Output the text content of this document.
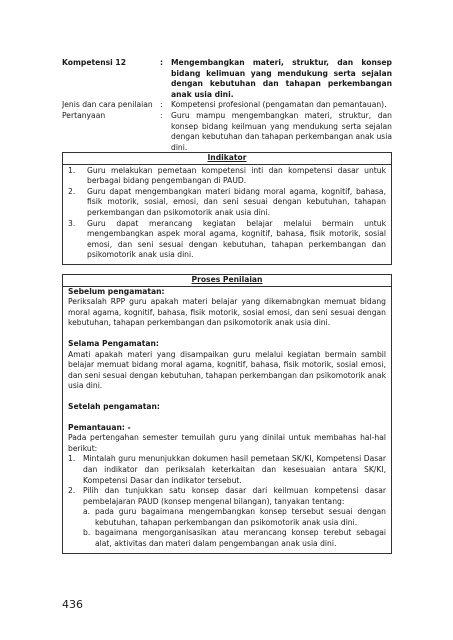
Kompetensi 12	:	Mengembangkan materi, struktur, dan konsep bidang kelimuan yang mendukung serta sejalan dengan kebutuhan dan tahapan perkembangan anak usia dini.
Jenis dan cara penilaian :	Kompetensi profesional (pengamatan dan pemantauan).
Pertanyaan	:	Guru mampu mengembangkan materi, struktur, dan konsep bidang keilmuan yang mendukung serta sejalan dengan kebutuhan dan tahapan perkembangan anak usia dini.
Indikator
1.	Guru melakukan pemetaan kompetensi inti dan kompetensi dasar untuk berbagai bidang pengembangan di PAUD.
2.	Guru dapat mengembangkan materi bidang moral agama, kognitif, bahasa, fisik motorik, sosial, emosi, dan seni sesuai dengan kebutuhan, tahapan perkembangan dan psikomotorik anak usia dini.
3.	Guru dapat merancang kegiatan belajar melalui bermain untuk mengembangkan aspek moral agama, kognitif, bahasa, fisik motorik, sosial emosi, dan seni sesuai dengan kebutuhan, tahapan perkembangan dan psikomotorik anak usia dini.
Proses Penilaian
Sebelum pengamatan:
Periksalah RPP guru apakah materi belajar yang dikemabngkan memuat bidang moral agama, kognitif, bahasa, fisik motorik, sosial emosi, dan seni sesuai dengan kebutuhan, tahapan perkembangan dan psikomotorik anak usia dini.
Selama Pengamatan:
Amati apakah materi yang disampaikan guru melalui kegiatan bermain sambil belajar memuat bidang moral agama, kognitif, bahasa, fisik motorik, sosial emosi, dan seni sesuai dengan kebutuhan, tahapan perkembangan dan psikomotorik anak usia dini.
Setelah pengamatan:
Pemantauan: -
Pada pertengahan semester temuilah guru yang dinilai untuk membahas hal-hal berikut:
1.	Mintalah guru menunjukkan dokumen hasil pemetaan SK/KI, Kompetensi Dasar dan indikator dan periksalah keterkaitan dan kesesuaian antara SK/KI, Kompetensi Dasar dan indikator tersebut.
2.	Pilih dan tunjukkan satu konsep dasar dari keilmuan kompetensi dasar pembelajaran PAUD (konsep mengenal bilangan), tanyakan tentang:
a. pada guru bagaimana mengembangkan konsep tersebut sesuai dengan kebutuhan, tahapan perkembangan dan psikomotorik anak usia dini.
b. bagaimana mengorganisasikan atau merancang konsep terebut sebagai alat, aktivitas dan materi dalam pengembangan anak usia dini.
436
